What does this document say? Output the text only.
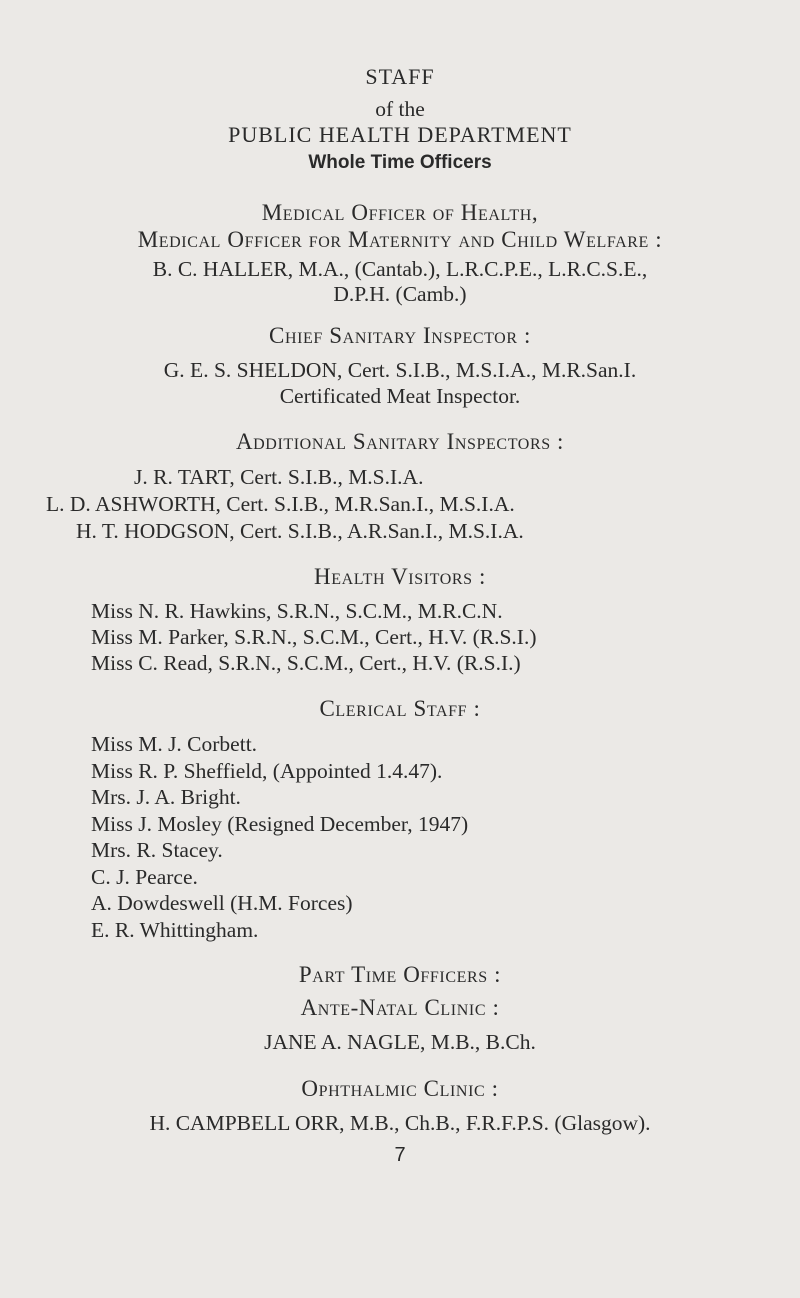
STAFF
of the
PUBLIC HEALTH DEPARTMENT
Whole Time Officers
Medical Officer of Health,
Medical Officer for Maternity and Child Welfare :
B. C. HALLER, M.A., (Cantab.), L.R.C.P.E., L.R.C.S.E.,
D.P.H. (Camb.)
Chief Sanitary Inspector :
G. E. S. SHELDON, Cert. S.I.B., M.S.I.A., M.R.San.I.
Certificated Meat Inspector.
Additional Sanitary Inspectors :
J. R. TART, Cert. S.I.B., M.S.I.A.
L. D. ASHWORTH, Cert. S.I.B., M.R.San.I., M.S.I.A.
H. T. HODGSON, Cert. S.I.B., A.R.San.I., M.S.I.A.
Health Visitors :
Miss N. R. Hawkins, S.R.N., S.C.M., M.R.C.N.
Miss M. Parker, S.R.N., S.C.M., Cert., H.V. (R.S.I.)
Miss C. Read, S.R.N., S.C.M., Cert., H.V. (R.S.I.)
Clerical Staff :
Miss M. J. Corbett.
Miss R. P. Sheffield, (Appointed 1.4.47).
Mrs. J. A. Bright.
Miss J. Mosley (Resigned December, 1947)
Mrs. R. Stacey.
C. J. Pearce.
A. Dowdeswell (H.M. Forces)
E. R. Whittingham.
Part Time Officers :
Ante-Natal Clinic :
JANE A. NAGLE, M.B., B.Ch.
Ophthalmic Clinic :
H. CAMPBELL ORR, M.B., Ch.B., F.R.F.P.S. (Glasgow).
7
